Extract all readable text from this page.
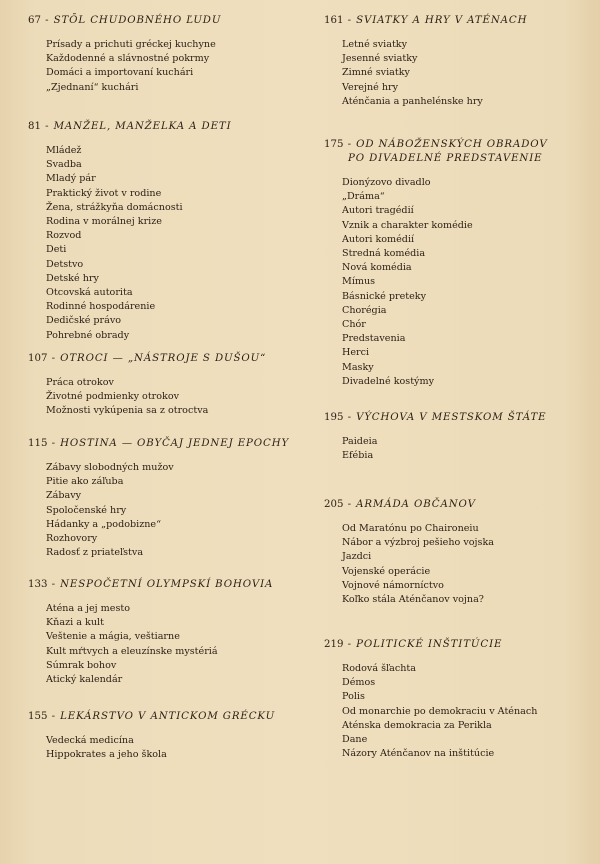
67 - STŌL CHUDOBNÉHO ĽUDU
Prísady a prichuti gréckej kuchyne
Každodenné a slávnostné pokrmy
Domáci a importovaní kuchári
„Zjednaní“ kuchári
81 - MANŽEL, MANŽELKA A DETI
Mládež
Svadba
Mladý pár
Praktický život v rodine
Žena, strážkyňa domácnosti
Rodina v morálnej krize
Rozvod
Deti
Detstvo
Detské hry
Otcovská autorita
Rodinné hospodárenie
Dedičské právo
Pohrebné obrady
107 - OTROCI — „NÁSTROJE S DUŠOU“
Práca otrokov
Životné podmienky otrokov
Možnosti vykúpenia sa z otroctva
115 - HOSTINA — OBYČAJ JEDNEJ EPOCHY
Zábavy slobodných mužov
Pitie ako záľuba
Zábavy
Spoločenské hry
Hádanky a „podobizne“
Rozhovory
Radosť z priateľstva
133 - NESPOČETNÍ OLYMPSKÍ BOHOVIA
Aténa a jej mesto
Kňazi a kult
Veštenie a mágia, veštiarne
Kult mŕtvych a eleuzínske mystériá
Súmrak bohov
Atický kalendár
155 - LEKÁRSTVO V ANTICKOM GRÉCKU
Vedecká medicína
Hippokrates a jeho škola
161 - SVIATKY A HRY V ATÉNACH
Letné sviatky
Jesenné sviatky
Zimné sviatky
Verejné hry
Aténčania a panhelénske hry
175 - OD NÁBOŽENSKÝCH OBRADOV
PO DIVADELNÉ PREDSTAVENIE
Dionýzovo divadlo
„Dráma“
Autori tragédií
Vznik a charakter komédie
Autori komédií
Stredná komédia
Nová komédia
Mímus
Básnické preteky
Chorégia
Chór
Predstavenia
Herci
Masky
Divadelné kostýmy
195 - VÝCHOVA V MESTSKOM ŠTÁTE
Paideia
Efébia
205 - ARMÁDA OBČANOV
Od Maratónu po Chaironeiu
Nábor a výzbroj pešieho vojska
Jazdci
Vojenské operácie
Vojnové námorníctvo
Koľko stála Aténčanov vojna?
219 - POLITICKÉ INŠTITÚCIE
Rodová šľachta
Démos
Polis
Od monarchie po demokraciu v Aténach
Aténska demokracia za Perikla
Dane
Názory Aténčanov na inštitúcie
